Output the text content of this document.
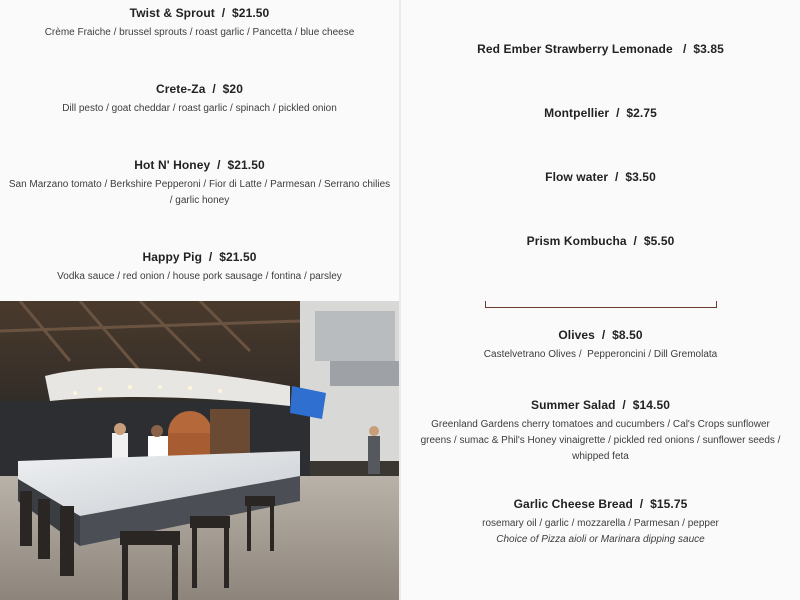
Twist & Sprout  /  $21.50
Crème Fraiche / brussel sprouts / roast garlic / Pancetta / blue cheese
Crete-Za  /  $20
Dill pesto / goat cheddar / roast garlic / spinach / pickled onion
Hot N' Honey  /  $21.50
San Marzano tomato / Berkshire Pepperoni / Fior di Latte / Parmesan / Serrano chilies / garlic honey
Happy Pig  /  $21.50
Vodka sauce / red onion / house pork sausage / fontina / parsley
Red Ember Strawberry Lemonade   /  $3.85
Montpellier  /  $2.75
Flow water  /  $3.50
Prism Kombucha  /  $5.50
Olives  /  $8.50
Castelvetrano Olives /  Pepperoncini / Dill Gremolata
Summer Salad  /  $14.50
Greenland Gardens cherry tomatoes and cucumbers / Cal's Crops sunflower greens / sumac & Phil's Honey vinaigrette / pickled red onions / sunflower seeds / whipped feta
Garlic Cheese Bread  /  $15.75
rosemary oil / garlic / mozzarella / Parmesan / pepper
Choice of Pizza aioli or Marinara dipping sauce
